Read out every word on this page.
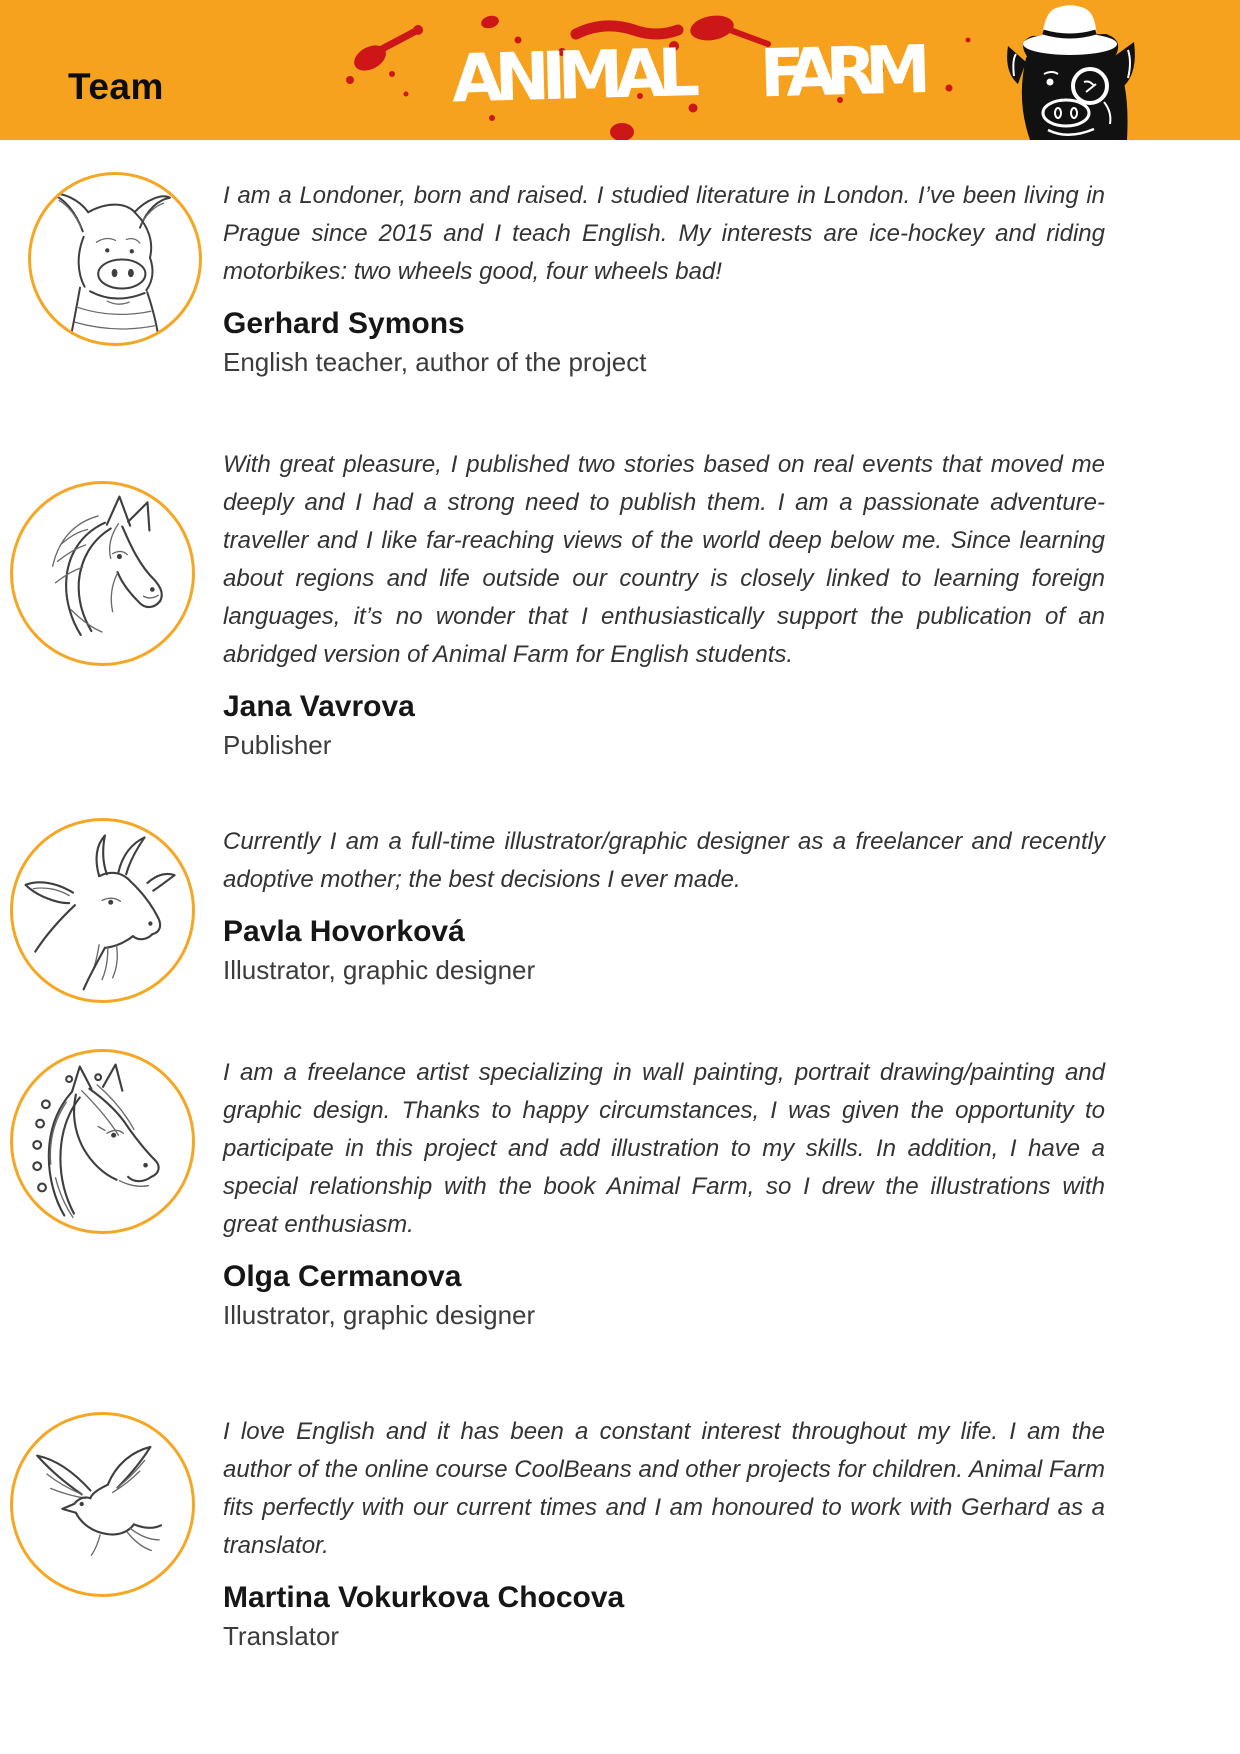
Team	ANIMAL FARM

I am a Londoner, born and raised. I studied literature in London. I’ve been living in Prague since 2015 and I teach English. My interests are ice-hockey and riding motorbikes: two wheels good, four wheels bad!

Gerhard Symons

English teacher, author of the project

With great pleasure, I published two stories based on real events that moved me deeply and I had a strong need to publish them. I am a passionate adventure-traveller and I like far-reaching views of the world deep below me. Since learning about regions and life outside our country is closely linked to learning foreign languages, it’s no wonder that I enthusiastically support the publication of an abridged version of Animal Farm for English students.

Jana Vavrova

Publisher

Currently I am a full-time illustrator/graphic designer as a freelancer and recently adoptive mother; the best decisions I ever made.

Pavla Hovorková

Illustrator, graphic designer

I am a freelance artist specializing in wall painting, portrait drawing/painting and graphic design. Thanks to happy circumstances, I was given the opportunity to participate in this project and add illustration to my skills. In addition, I have a special relationship with the book Animal Farm, so I drew the illustrations with great enthusiasm.

Olga Cermanova

Illustrator, graphic designer

I love English and it has been a constant interest throughout my life. I am the author of the online course CoolBeans and other projects for children. Animal Farm fits perfectly with our current times and I am honoured to work with Gerhard as a translator.

Martina Vokurkova Chocova

Translator
